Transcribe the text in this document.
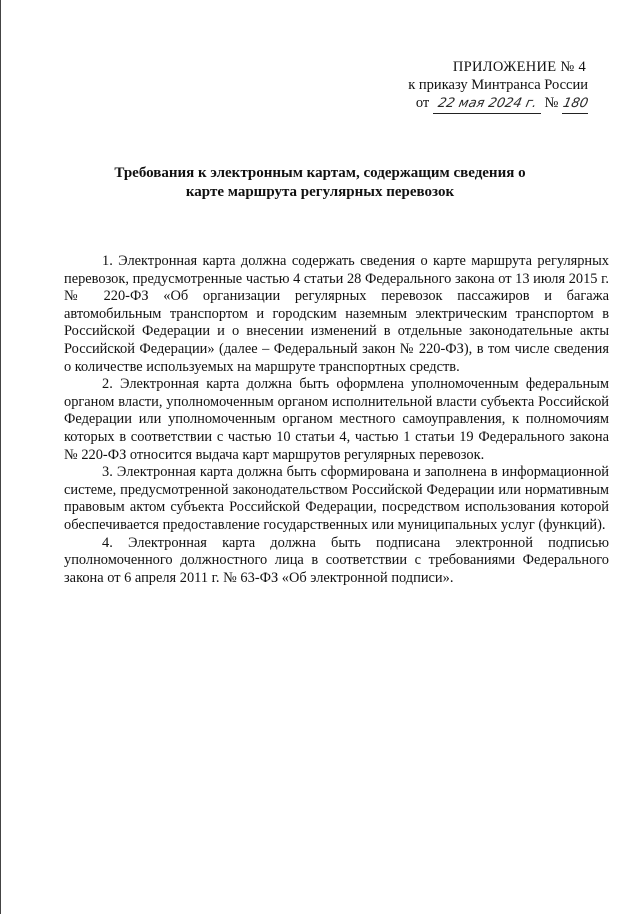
ПРИЛОЖЕНИЕ № 4
к приказу Минтранса России
от 22 мая 2024 г. № 180
Требования к электронным картам, содержащим сведения о карте маршрута регулярных перевозок

1. Электронная карта должна содержать сведения о карте маршрута регулярных перевозок, предусмотренные частью 4 статьи 28 Федерального закона от 13 июля 2015 г. № 220-ФЗ «Об организации регулярных перевозок пассажиров и багажа автомобильным транспортом и городским наземным электрическим транспортом в Российской Федерации и о внесении изменений в отдельные законодательные акты Российской Федерации» (далее – Федеральный закон № 220-ФЗ), в том числе сведения о количестве используемых на маршруте транспортных средств.

2. Электронная карта должна быть оформлена уполномоченным федеральным органом власти, уполномоченным органом исполнительной власти субъекта Российской Федерации или уполномоченным органом местного самоуправления, к полномочиям которых в соответствии с частью 10 статьи 4, частью 1 статьи 19 Федерального закона № 220-ФЗ относится выдача карт маршрутов регулярных перевозок.

3. Электронная карта должна быть сформирована и заполнена в информационной системе, предусмотренной законодательством Российской Федерации или нормативным правовым актом субъекта Российской Федерации, посредством использования которой обеспечивается предоставление государственных или муниципальных услуг (функций).

4. Электронная карта должна быть подписана электронной подписью уполномоченного должностного лица в соответствии с требованиями Федерального закона от 6 апреля 2011 г. № 63-ФЗ «Об электронной подписи».
